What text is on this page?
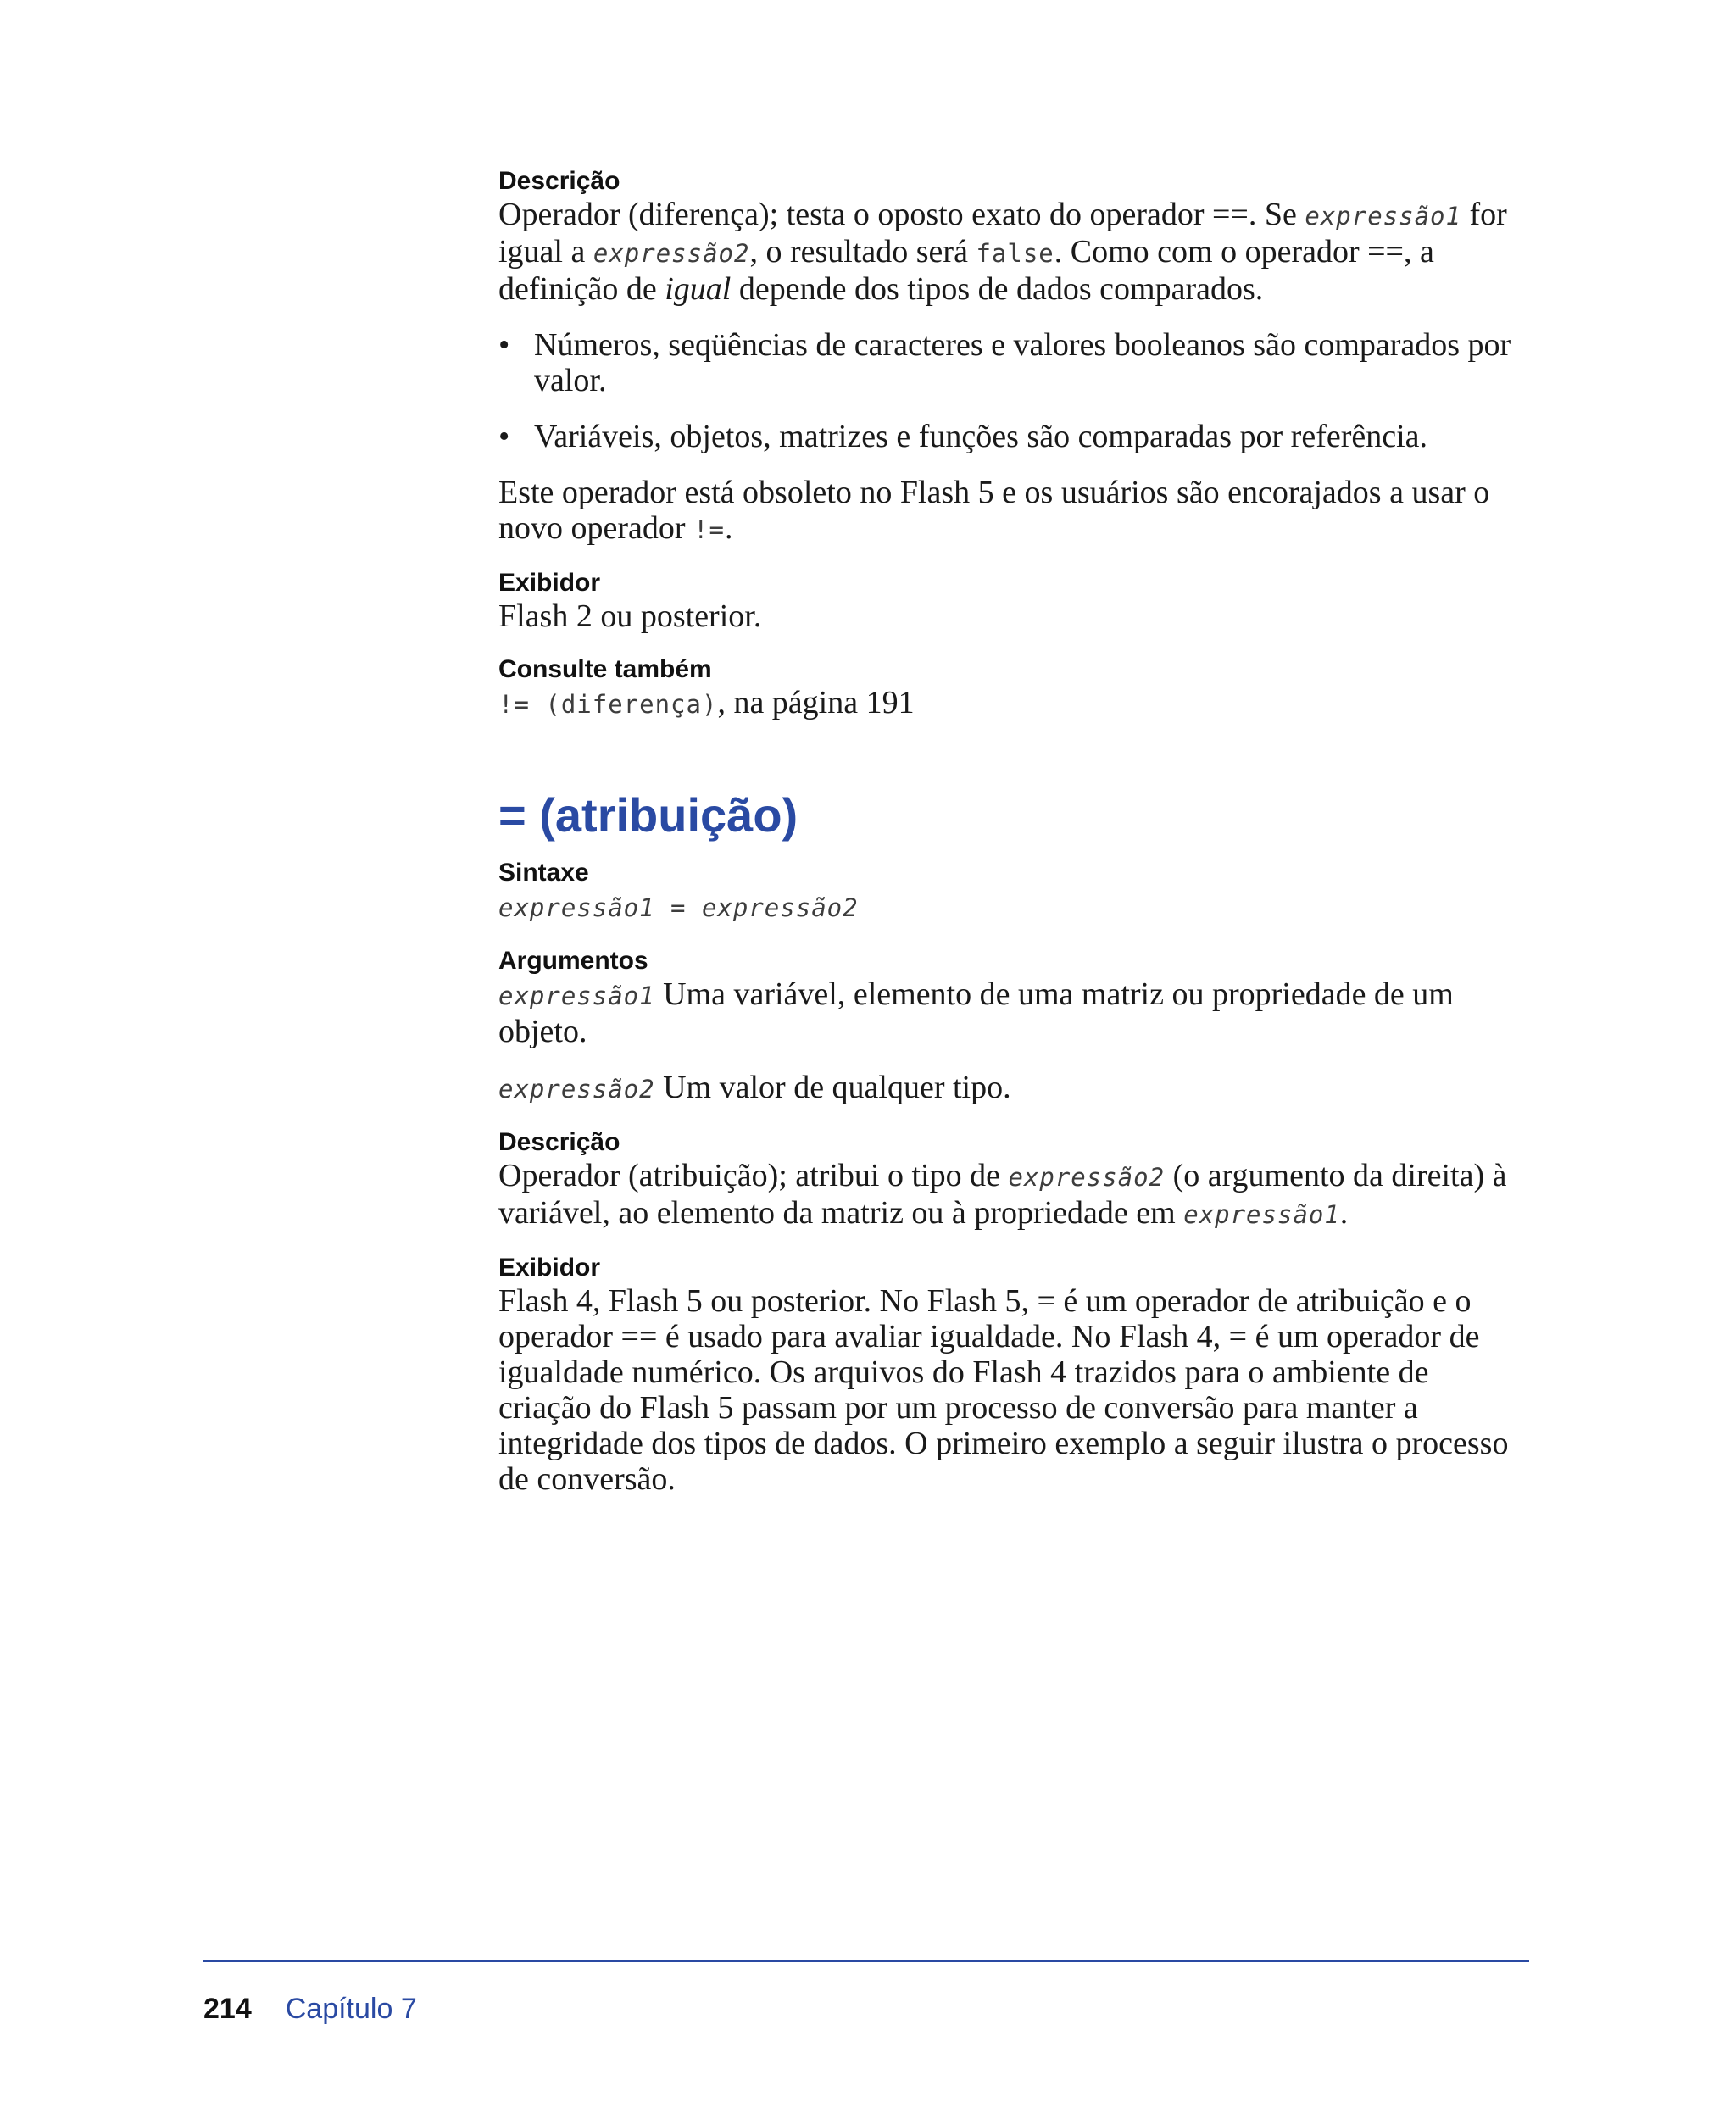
Descrição

Operador (diferença); testa o oposto exato do operador ==. Se expressão1 for igual a expressão2, o resultado será false. Como com o operador ==, a definição de igual depende dos tipos de dados comparados.

• Números, seqüências de caracteres e valores booleanos são comparados por valor.
• Variáveis, objetos, matrizes e funções são comparadas por referência.

Este operador está obsoleto no Flash 5 e os usuários são encorajados a usar o novo operador !=.

Exibidor

Flash 2 ou posterior.

Consulte também

!= (diferença), na página 191

= (atribuição)

Sintaxe

expressão1 = expressão2

Argumentos

expressão1 Uma variável, elemento de uma matriz ou propriedade de um objeto.

expressão2 Um valor de qualquer tipo.

Descrição

Operador (atribuição); atribui o tipo de expressão2 (o argumento da direita) à variável, ao elemento da matriz ou à propriedade em expressão1.

Exibidor

Flash 4, Flash 5 ou posterior. No Flash 5, = é um operador de atribuição e o operador == é usado para avaliar igualdade. No Flash 4, = é um operador de igualdade numérico. Os arquivos do Flash 4 trazidos para o ambiente de criação do Flash 5 passam por um processo de conversão para manter a integridade dos tipos de dados. O primeiro exemplo a seguir ilustra o processo de conversão.

214 Capítulo 7
